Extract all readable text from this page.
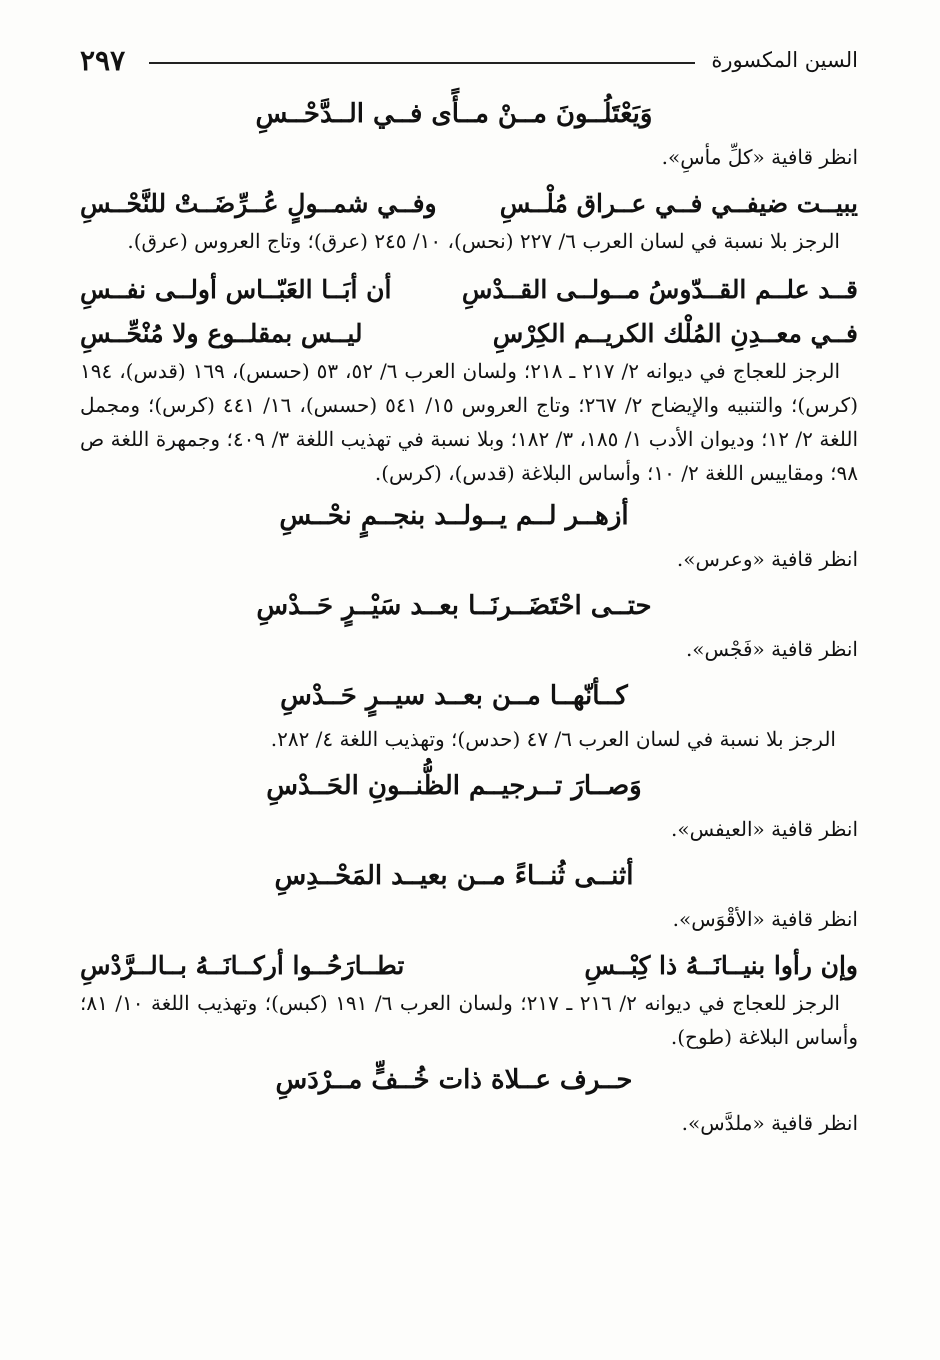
السين المكسورة
٢٩٧
وَيَعْتَلُــونَ مــنْ مــأًى فــي الــدَّحْــسِ

انظر قافية «كلِّ مأسِ».

يبيــت ضيفــي فــي عــراق مُلْــسِ
وفــي شمــولٍ عُــرِّضَــتْ للنَّحْــسِ

الرجز بلا نسبة في لسان العرب ٦/ ٢٢٧ (نحس)، ١٠/ ٢٤٥ (عرق)؛ وتاج العروس (عرق).

قــد علــم القــدّوسُ مــولــى القــدْسِ
أن أبَــا العَبّــاس أولــى نفــسِ
فــي معــدِنِ المُلْك الكريــم الكِرْسِ
ليــس بمقلــوع ولا مُنْحِّــسِ

الرجز للعجاج في ديوانه ٢/ ٢١٧ ـ ٢١٨؛ ولسان العرب ٦/ ٥٢، ٥٣ (حسس)، ١٦٩ (قدس)، ١٩٤ (كرس)؛ والتنبيه والإيضاح ٢/ ٢٦٧؛ وتاج العروس ١٥/ ٥٤١ (حسس)، ١٦/ ٤٤١ (كرس)؛ ومجمل اللغة ٢/ ١٢؛ وديوان الأدب ١/ ١٨٥، ٣/ ١٨٢؛ وبلا نسبة في تهذيب اللغة ٣/ ٤٠٩؛ وجمهرة اللغة ص ٩٨؛ ومقاييس اللغة ٢/ ١٠؛ وأساس البلاغة (قدس)، (كرس).

أزهــر لــم يــولــد بنجــمٍ نحْــسِ

انظر قافية «وعرس».

حتــى احْتَضَــرنَــا بعــد سَيْــرٍ حَــدْسِ

انظر قافية «فَجْس».

كــأنّهــا مــن بعــد سيــرٍ حَــدْسِ

الرجز بلا نسبة في لسان العرب ٦/ ٤٧ (حدس)؛ وتهذيب اللغة ٤/ ٢٨٢.

وَصــارَ تــرجيــم الظُّنــونِ الحَــدْسِ

انظر قافية «العيفس».

أثنــى ثُنــاءً مــن بعيــد المَحْــدِسِ

انظر قافية «الأقْوَس».

وإن رأوا بنيــانَــهُ ذا كِبْــسِ
تطــارَحُــوا أركــانَــهُ بــالــرَّدْسِ

الرجز للعجاج في ديوانه ٢/ ٢١٦ ـ ٢١٧؛ ولسان العرب ٦/ ١٩١ (كبس)؛ وتهذيب اللغة ١٠/ ٨١؛ وأساس البلاغة (طوح).

حــرف عــلاة ذات خُــفٍّ مــرْدَسِ

انظر قافية «ملدَّس».
